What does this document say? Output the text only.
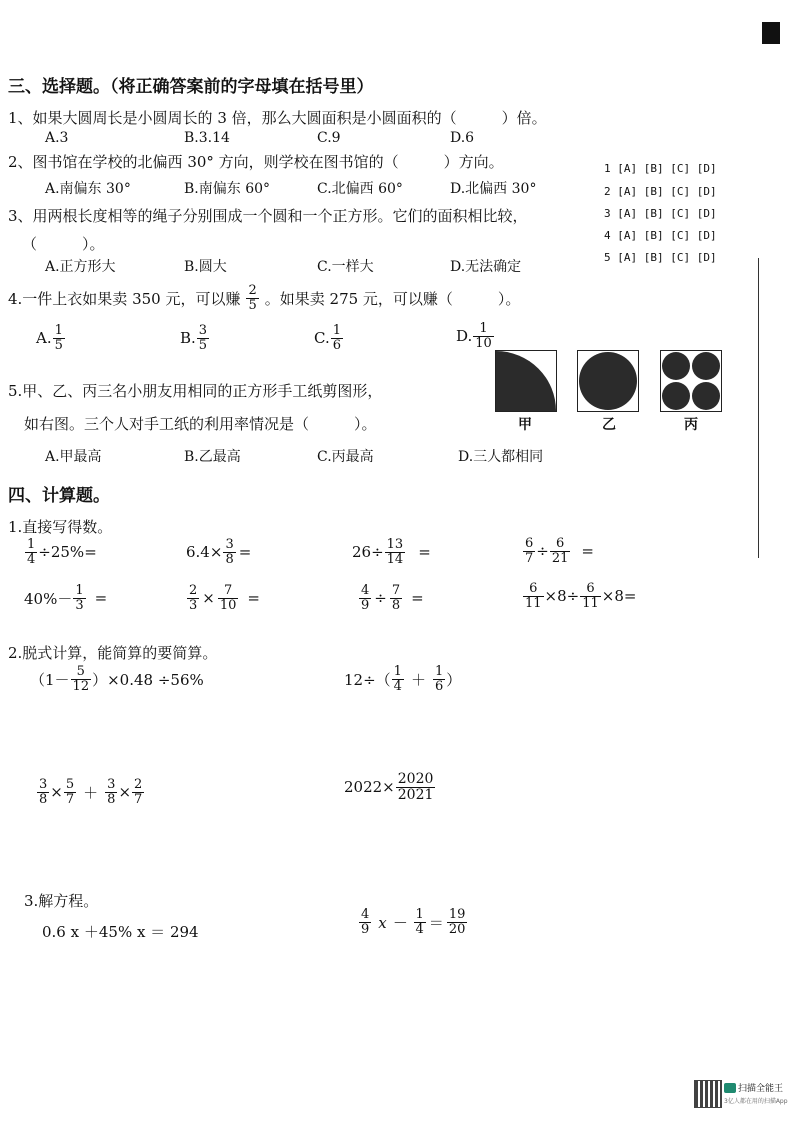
三、选择题。（将正确答案前的字母填在括号里）
1、如果大圆周长是小圆周长的 3 倍，那么大圆面积是小圆面积的（　　　）倍。
A.3	B.3.14	C.9	D.6
2、图书馆在学校的北偏西 30° 方向，则学校在图书馆的（　　　）方向。
A.南偏东 30°	B.南偏东 60°	C.北偏西 60°	D.北偏西 30°
3、用两根长度相等的绳子分别围成一个圆和一个正方形。它们的面积相比较，
（　　　）。
A.正方形大	B.圆大	C.一样大	D.无法确定
1 [A] [B] [C] [D]
2 [A] [B] [C] [D]
3 [A] [B] [C] [D]
4 [A] [B] [C] [D]
5 [A] [B] [C] [D]
4.一件上衣如果卖 350 元，可以赚 $\frac{2}{5}$ 。如果卖 275 元，可以赚（　　　）。
A. $\frac{1}{5}$	B. $\frac{3}{5}$	C. $\frac{1}{6}$	D. $\frac{1}{10}$
甲	乙	丙
5.甲、乙、丙三名小朋友用相同的正方形手工纸剪图形，
如右图。三个人对手工纸的利用率情况是（　　　）。
A.甲最高	B.乙最高	C.丙最高	D.三人都相同
四、计算题。
1.直接写得数。
$\frac{1}{4} \div 25\%=$	$6.4\times \frac{3}{8}$ =	$26\div \frac{13}{14}$ =	$\frac{6}{7} \div \frac{6}{21}$ =
$40\%- \frac{1}{3}$ =	$\frac{2}{3} \times \frac{7}{10}$ =	$\frac{4}{9} \div \frac{7}{8}$ =	$\frac{6}{11} \times 8\div \frac{6}{11} \times 8=$
2.脱式计算，能简算的要简算。
$(1- \frac{5}{12} )\times 0.48 \div 56\%$	$12\div( \frac{1}{4} + \frac{1}{6}$ ）
$\frac{3}{8} \times \frac{5}{7} + \frac{3}{8} \times \frac{2}{7}$	$2022\times \frac{2020}{2021}$
3.解方程。
0.6 x ＋45% x ＝ 294	$\frac{4}{9}$ $x - \frac{1}{4} = \frac{19}{20}$
扫描全能王
3亿人都在用的扫描App
